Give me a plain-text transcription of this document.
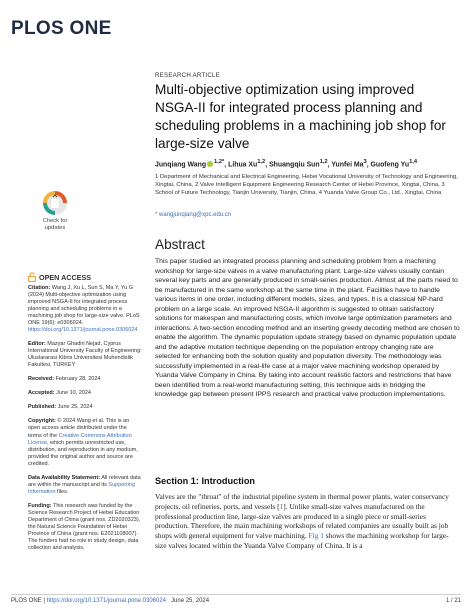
PLOS ONE
Check for
updates
OPEN ACCESS

Citation: Wang J, Xu L, Sun S, Ma Y, Yu G (2024) Multi-objective optimization using improved NSGA-II for integrated process planning and scheduling problems in a machining job shop for large-size valve. PLoS ONE 19(6): e0306024. https://doi.org/10.1371/journal.pone.0306024

Editor: Mazyar Ghadiri Nejad, Cyprus International University Faculty of Engineering: Uluslararasi Kibris Universitesi Muhendislik Fakultesi, TURKEY

Received: February 28, 2024

Accepted: June 10, 2024

Published: June 25, 2024

Copyright: © 2024 Wang et al. This is an open access article distributed under the terms of the Creative Commons Attribution License, which permits unrestricted use, distribution, and reproduction in any medium, provided the original author and source are credited.

Data Availability Statement: All relevant data are within the manuscript and its Supporting Information files.

Funding: This research was funded by the Science Research Project of Hebei Education Department of China (grant nos. ZD2020323), the Natural Science Foundation of Hebei Province of China (grant nos. E2021108007). The funders had no role in study design, data collection and analysis,

RESEARCH ARTICLE
Multi-objective optimization using improved NSGA-II for integrated process planning and scheduling problems in a machining job shop for large-size valve
Junqiang Wang $^{1,2*}$, Lihua Xu$^{1,2}$, Shuangqiu Sun$^{1,2}$, Yunfei Ma$^3$, Guofeng Yu$^{1,4}$
1 Department of Mechanical and Electrical Engineering, Hebei Vocational University of Technology and Engineering, Xingtai, China, 2 Valve Intelligent Equipment Engineering Research Center of Hebei Province, Xingtai, China, 3 School of Future Technology, Tianjin University, Tianjin, China, 4 Yuanda Valve Group Co., Ltd., Xingtai, China
* wangjunqiang@xpc.edu.cn
Abstract
This paper studied an integrated process planning and scheduling problem from a machining workshop for large-size valves in a valve manufacturing plant. Large-size valves usually contain several key parts and are generally produced in small-series production. Almost all the parts need to be manufactured in the same workshop at the same time in the plant. Facilities have to handle various items in one order, including different models, sizes, and types. It is a classical NP-hard problem on a large scale. An improved NSGA-II algorithm is suggested to obtain satisfactory solutions for makespan and manufacturing costs, which involve large optimization parameters and interactions. A two-section encoding method and an inserting greedy decoding method are chosen to enable the algorithm. The dynamic population update strategy based on dynamic population update and the adaptive mutation technique depending on the population entropy changing rate are selected for enhancing both the solution quality and population diversity. The methodology was successfully implemented in a real-life case at a major valve machining workshop operated by Yuanda Valve Company in China. By taking into account realistic factors and restrictions that have been identified from a real-world manufacturing setting, this technique aids in bridging the knowledge gap between present IPPS research and practical valve production implementations.
Section 1: Introduction
Valves are the "throat" of the industrial pipeline system in thermal power plants, water conservancy projects, oil refineries, ports, and vessels [1]. Unlike small-size valves manufactured on the professional production line, large-size valves are produced in a single piece or small-series production. Therefore, the main machining workshops of related companies are usually built as job shops with general equipment for valve machining. Fig 1 shows the machining workshop for large-size valves located within the Yuanda Valve Company of China. It is a
PLOS ONE | https://doi.org/10.1371/journal.pone.0306024
June 25, 2024	1 / 21
